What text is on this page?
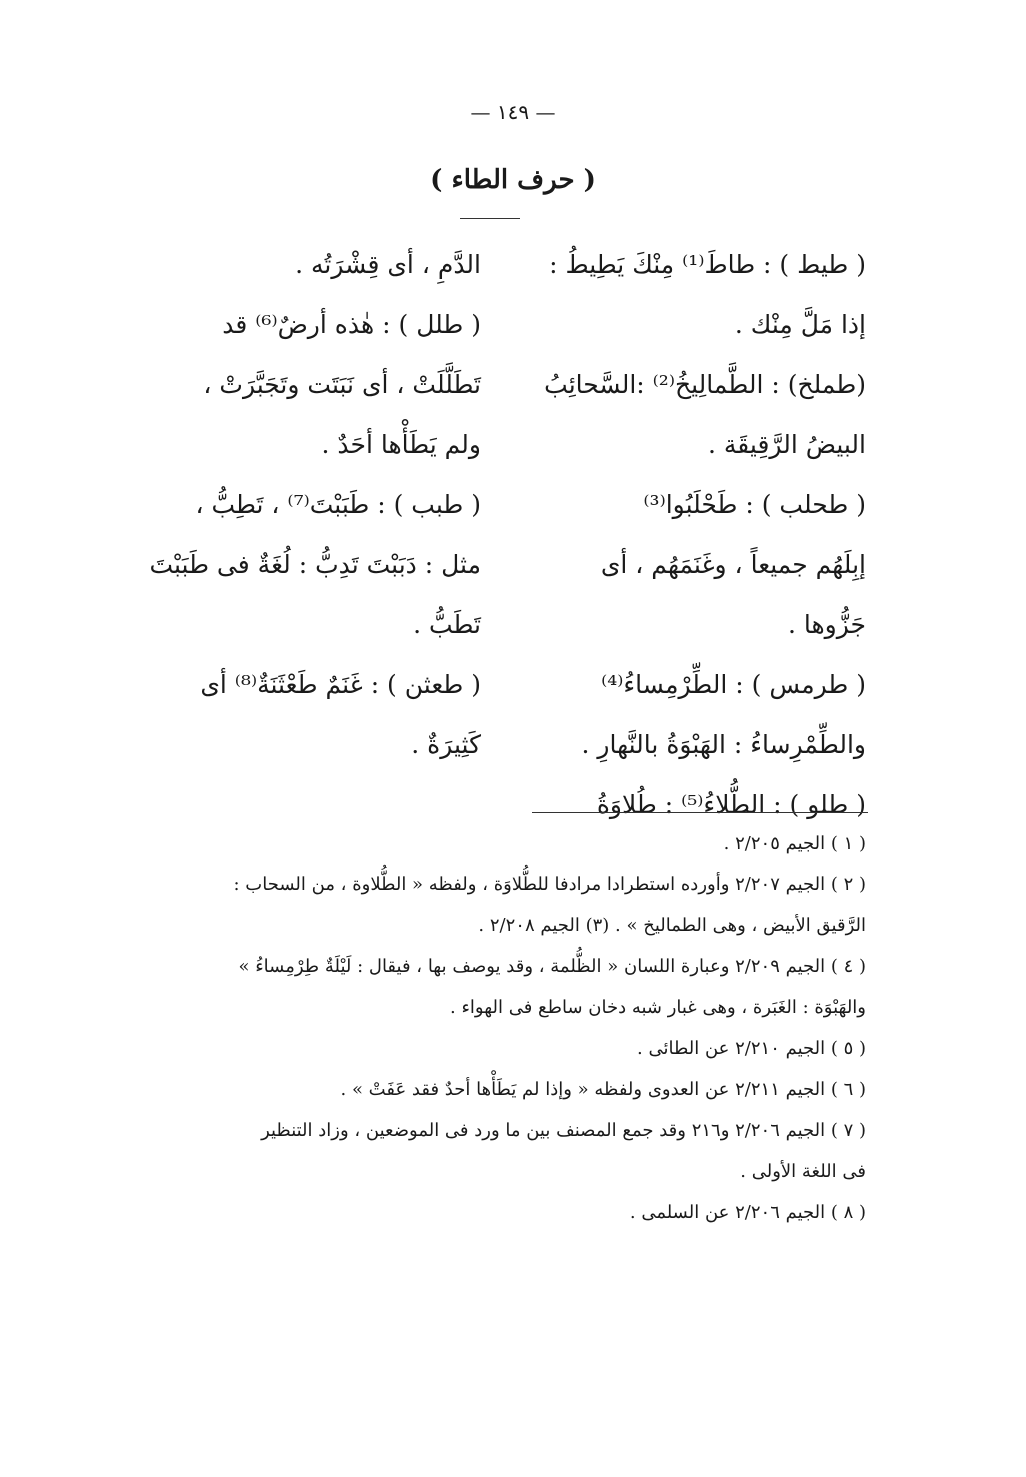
— ١٤٩ —
( حرف الطاء )
( طيط ) : طاطَ⁽¹⁾ مِنْكَ يَطِيطُ :
إذا مَلَّ مِنْك .
(طملخ) : الطَّمالِيخُ⁽²⁾ :السَّحائِبُ
البيضُ الرَّقِيقَة .
( طحلب ) : طَحْلَبُوا⁽³⁾
إبِلَهُم جميعاً ، وغَنَمَهُم ، أى
جَزُّوها .
( طرمس ) : الطِّرْمِساءُ⁽⁴⁾
والطِّمْرِساءُ : الهَبْوَةُ بالنَّهارِ .
( طلو ) : الطُّلاءُ⁽⁵⁾ : طُلاوَةُ
الدَّمِ ، أى قِشْرَتُه .
( طلل ) : هٰذه أرضٌ⁽⁶⁾ قد
تَطَلَّلَتْ ، أى نَبَتَت وتَجَبَّرَتْ ،
ولم يَطَأْها أحَدٌ .
( طبب ) : طَبَبْتَ⁽⁷⁾ ، تَطِبُّ ،
مثل : دَبَبْتَ تَدِبُّ : لُغَةٌ فى طَبَبْتَ
تَطَبُّ .
( طعثن ) : غَنَمٌ طَعْثَنَةٌ⁽⁸⁾ أى
كَثِيرَةٌ .
( ١ ) الجيم ٢/٢٠٥ .
( ٢ ) الجيم ٢/٢٠٧ وأورده استطرادا مرادفا للطُّلاوَة ، ولفظه « الطُّلاوة ، من السحاب :
الرَّقيق الأبيض ، وهى الطماليخ » . (٣) الجيم ٢/٢٠٨ .
( ٤ ) الجيم ٢/٢٠٩ وعبارة اللسان « الظُّلمة ، وقد يوصف بها ، فيقال : لَيْلَةٌ طِرْمِساءُ »
والهَبْوَة : الغَبَرة ، وهى غبار شبه دخان ساطع فى الهواء .
( ٥ ) الجيم ٢/٢١٠ عن الطائى .
( ٦ ) الجيم ٢/٢١١ عن العدوى ولفظه « وإذا لم يَطَأْها أحدٌ فقد عَفَتْ » .
( ٧ ) الجيم ٢/٢٠٦ و٢١٦ وقد جمع المصنف بين ما ورد فى الموضعين ، وزاد التنظير
فى اللغة الأولى .
( ٨ ) الجيم ٢/٢٠٦ عن السلمى .
